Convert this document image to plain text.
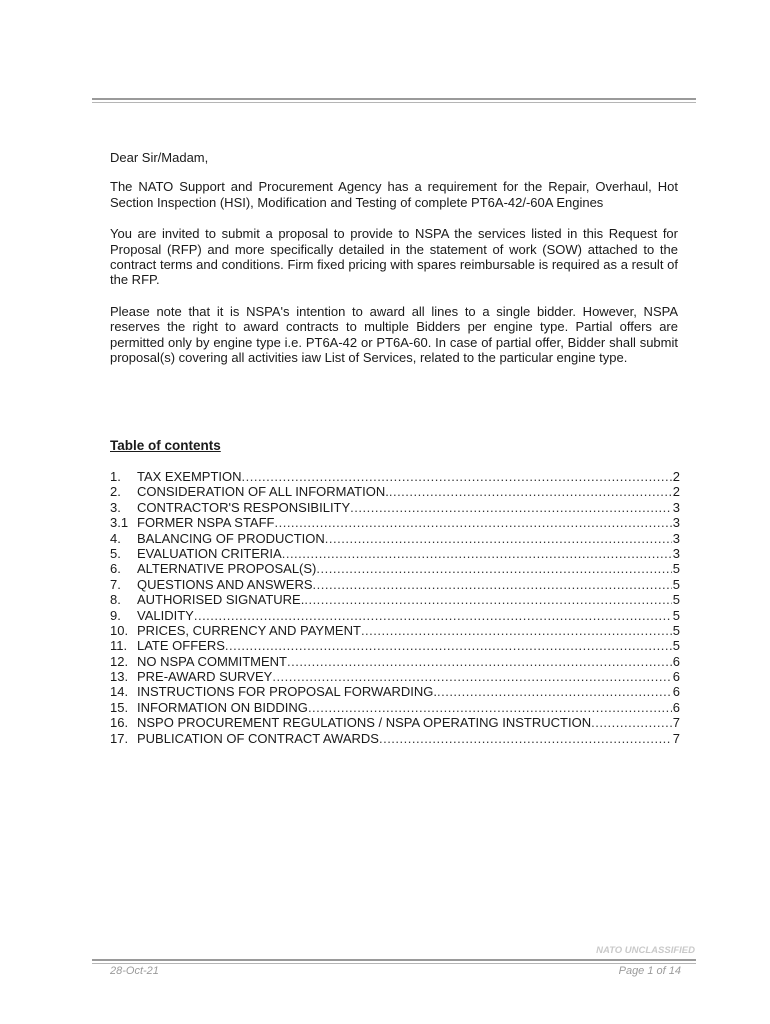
Dear Sir/Madam,

The NATO Support and Procurement Agency has a requirement for the Repair, Overhaul, Hot Section Inspection (HSI), Modification and Testing of complete PT6A-42/-60A Engines

You are invited to submit a proposal to provide to NSPA the services listed in this Request for Proposal (RFP) and more specifically detailed in the statement of work (SOW) attached to the contract terms and conditions. Firm fixed pricing with spares reimbursable is required as a result of the RFP.

Please note that it is NSPA's intention to award all lines to a single bidder. However, NSPA reserves the right to award contracts to multiple Bidders per engine type. Partial offers are permitted only by engine type i.e. PT6A-42 or PT6A-60. In case of partial offer, Bidder shall submit proposal(s) covering all activities iaw List of Services, related to the particular engine type.

Table of contents
1.	TAX EXEMPTION .....	2
2.	CONSIDERATION OF ALL INFORMATION. .....	2
3.	CONTRACTOR'S RESPONSIBILITY .....	3
3.1 FORMER NSPA STAFF .....	3
4.	BALANCING OF PRODUCTION .....	3
5.	EVALUATION CRITERIA .....	3
6.	ALTERNATIVE PROPOSAL(S) .....	5
7.	QUESTIONS AND ANSWERS .....	5
8.	AUTHORISED SIGNATURE. .....	5
9.	VALIDITY .....	5
10. PRICES, CURRENCY AND PAYMENT .....	5
11. LATE OFFERS .....	5
12. NO NSPA COMMITMENT .....	6
13. PRE-AWARD SURVEY .....	6
14. INSTRUCTIONS FOR PROPOSAL FORWARDING. .....	6
15. INFORMATION ON BIDDING .....	6
16. NSPO PROCUREMENT REGULATIONS / NSPA OPERATING INSTRUCTION .....	7
17. PUBLICATION OF CONTRACT AWARDS .....	7
NATO UNCLASSIFIED
28-Oct-21	Page 1 of 14
